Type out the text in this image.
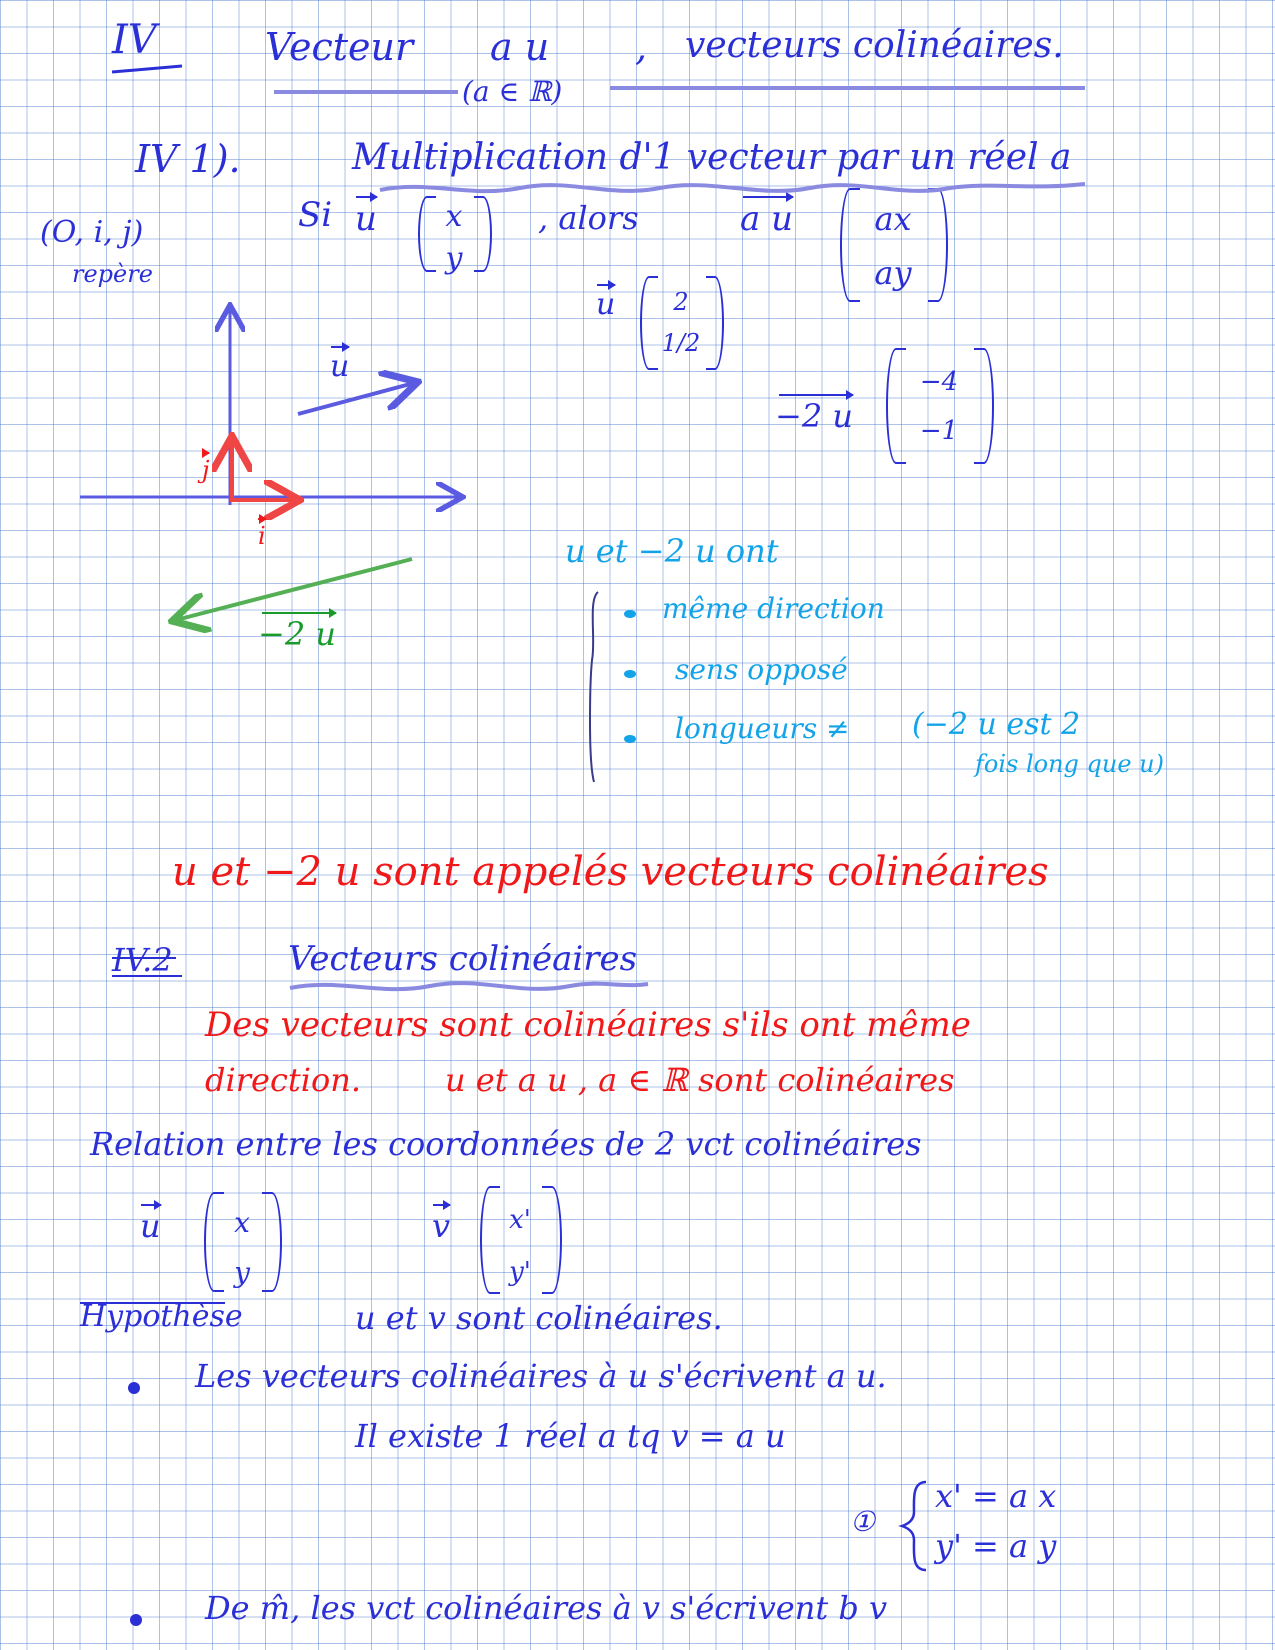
IV	Vecteur a u , vecteurs colinéaires.
(a ∈ ℝ)
IV 1).	Multiplication d'1 vecteur par un réel a
(O, i, j)
repère
Si u	x
y
, alors	a u	ax
ay
u	2
1/2
−2 u
−4
−1
u
j
i
−2 u
u et −2 u ont
même direction
sens opposé
longueurs ≠ (−2 u est 2
fois long que u)
u et −2 u sont appelés vecteurs colinéaires
IV.2	Vecteurs colinéaires
Des vecteurs sont colinéaires s'ils ont même
direction.	u et a u , a ∈ ℝ sont colinéaires
Relation entre les coordonnées de 2 vct colinéaires
u	x
y
v	x'
y'
Hypothèse	u et v sont colinéaires.
Les vecteurs colinéaires à u s'écrivent a u.
Il existe 1 réel a tq v = a u
①
x' = a x
y' = a y
De m̂, les vct colinéaires à v s'écrivent b v
